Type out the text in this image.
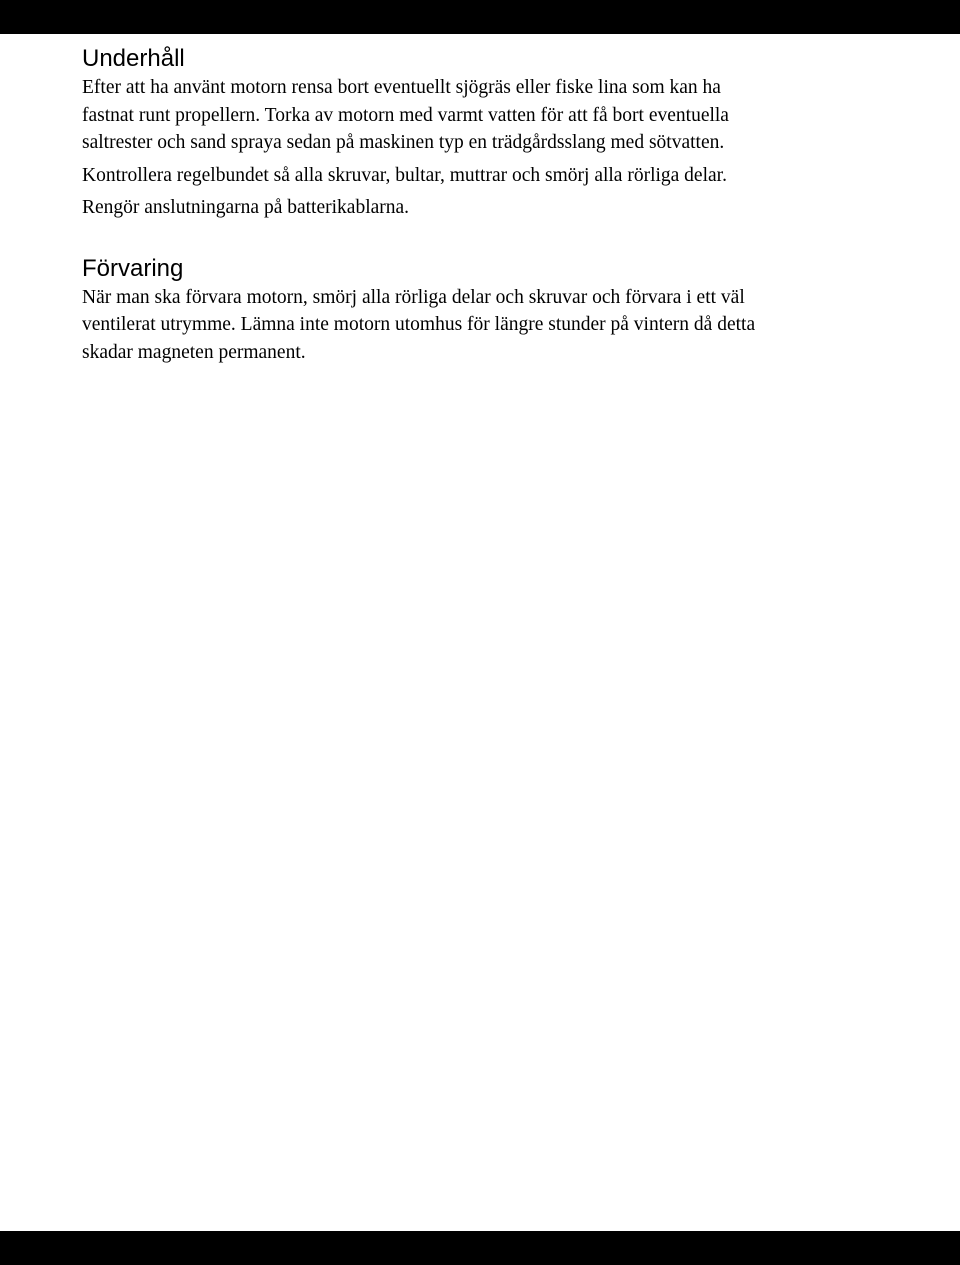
Underhåll

Efter att ha använt motorn rensa bort eventuellt sjögräs eller fiske lina som kan ha
fastnat runt propellern. Torka av motorn med varmt vatten för att få bort eventuella
saltrester och sand spraya sedan på maskinen typ en trädgårdsslang med sötvatten.
Kontrollera regelbundet så alla skruvar, bultar, muttrar och smörj alla rörliga delar.
Rengör anslutningarna på batterikablarna.

Förvaring

När man ska förvara motorn, smörj alla rörliga delar och skruvar och förvara i ett väl
ventilerat utrymme. Lämna inte motorn utomhus för längre stunder på vintern då detta
skadar magneten permanent.
